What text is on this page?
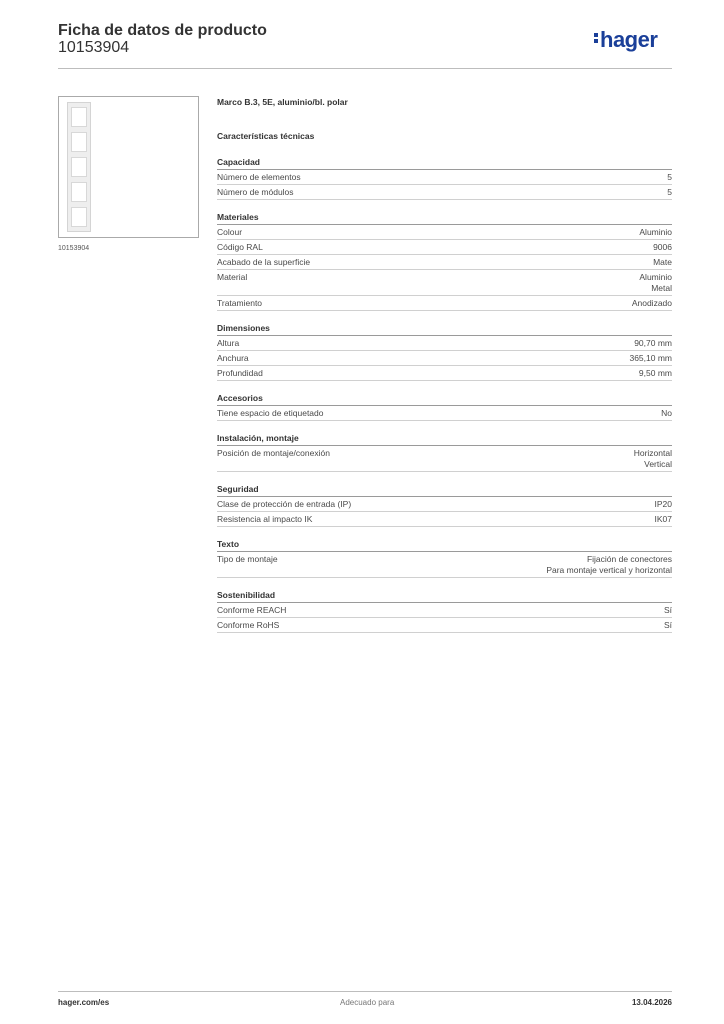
Ficha de datos de producto
10153904	hager
10153904
Marco B.3, 5E, aluminio/bl. polar
Características técnicas
Capacidad
Número de elementos	5
Número de módulos	5
Materiales
Colour	Aluminio
Código RAL	9006
Acabado de la superficie	Mate
Material	Aluminio
Metal
Tratamiento	Anodizado
Dimensiones
Altura	90,70 mm
Anchura	365,10 mm
Profundidad	9,50 mm
Accesorios
Tiene espacio de etiquetado	No
Instalación, montaje
Posición de montaje/conexión	Horizontal
Vertical
Seguridad
Clase de protección de entrada (IP)	IP20
Resistencia al impacto IK	IK07
Texto
Tipo de montaje	Fijación de conectores
Para montaje vertical y horizontal
Sostenibilidad
Conforme REACH	Sí
Conforme RoHS	Sí
hager.com/es	Adecuado para	13.04.2026
